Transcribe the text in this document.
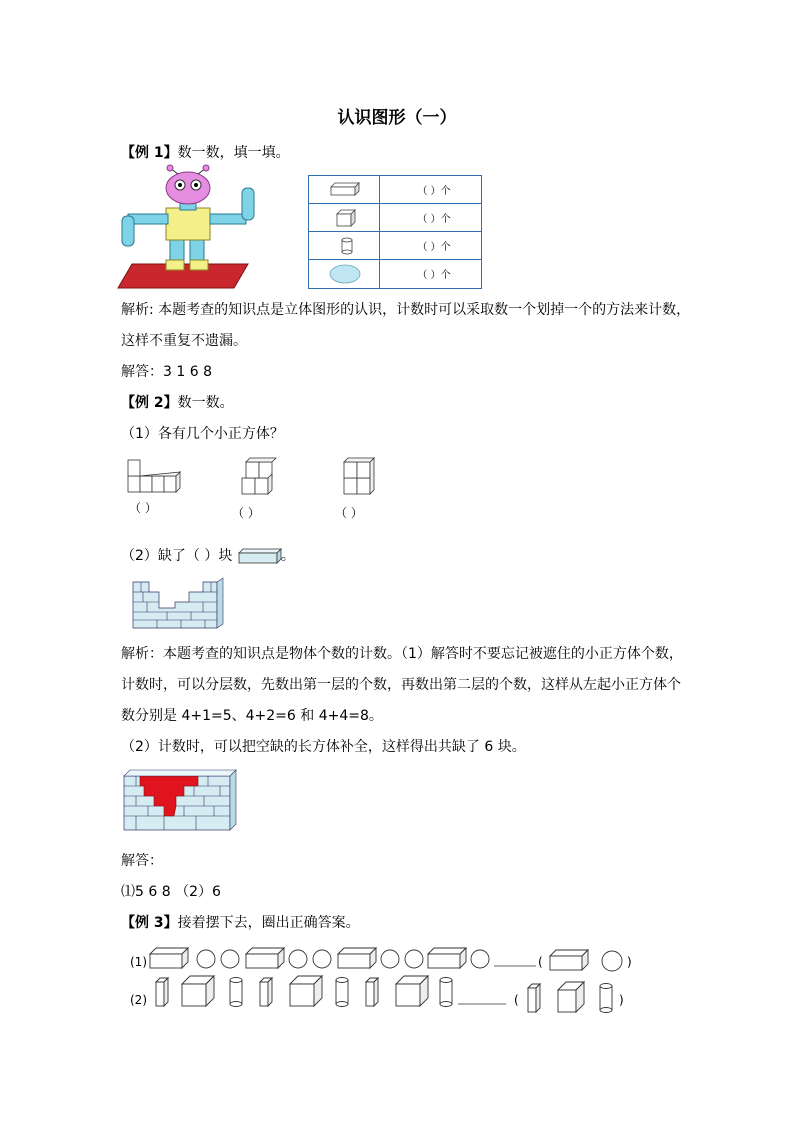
认识图形（一）
【例 1】数一数，填一填。
（ ）个
（ ）个
（ ）个
（ ）个
解析: 本题考查的知识点是立体图形的认识，计数时可以采取数一个划掉一个的方法来计数，
这样不重复不遗漏。
解答：3 1 6 8
【例 2】数一数。
（1）各有几个小正方体？
（ ）	（ ）	（ ）
（2）缺了（ ）块	。
解析：本题考查的知识点是物体个数的计数。（1）解答时不要忘记被遮住的小正方体个数，
计数时，可以分层数，先数出第一层的个数，再数出第二层的个数，这样从左起小正方体个
数分别是 4+1=5、4+2=6 和 4+4=8。
（2）计数时，可以把空缺的长方体补全，这样得出共缺了 6 块。
解答：
⑴5 6 8 （2）6
【例 3】接着摆下去，圈出正确答案。
(1)	(	)
(2)	(	)
